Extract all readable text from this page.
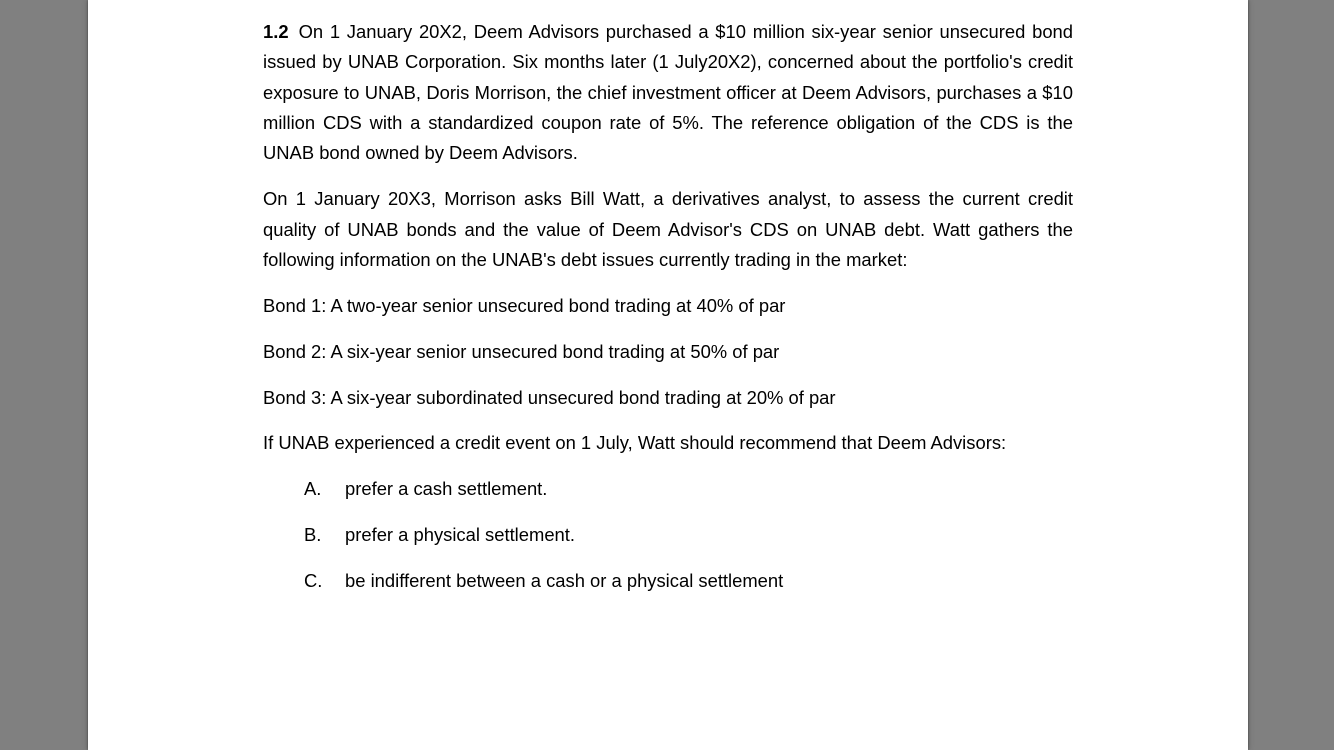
1.2 On 1 January 20X2, Deem Advisors purchased a $10 million six-year senior unsecured bond issued by UNAB Corporation. Six months later (1 July20X2), concerned about the portfolio's credit exposure to UNAB, Doris Morrison, the chief investment officer at Deem Advisors, purchases a $10 million CDS with a standardized coupon rate of 5%. The reference obligation of the CDS is the UNAB bond owned by Deem Advisors.

On 1 January 20X3, Morrison asks Bill Watt, a derivatives analyst, to assess the current credit quality of UNAB bonds and the value of Deem Advisor's CDS on UNAB debt. Watt gathers the following information on the UNAB's debt issues currently trading in the market:

Bond 1: A two-year senior unsecured bond trading at 40% of par

Bond 2: A six-year senior unsecured bond trading at 50% of par

Bond 3: A six-year subordinated unsecured bond trading at 20% of par

If UNAB experienced a credit event on 1 July, Watt should recommend that Deem Advisors:

A. prefer a cash settlement.
B. prefer a physical settlement.
C. be indifferent between a cash or a physical settlement
